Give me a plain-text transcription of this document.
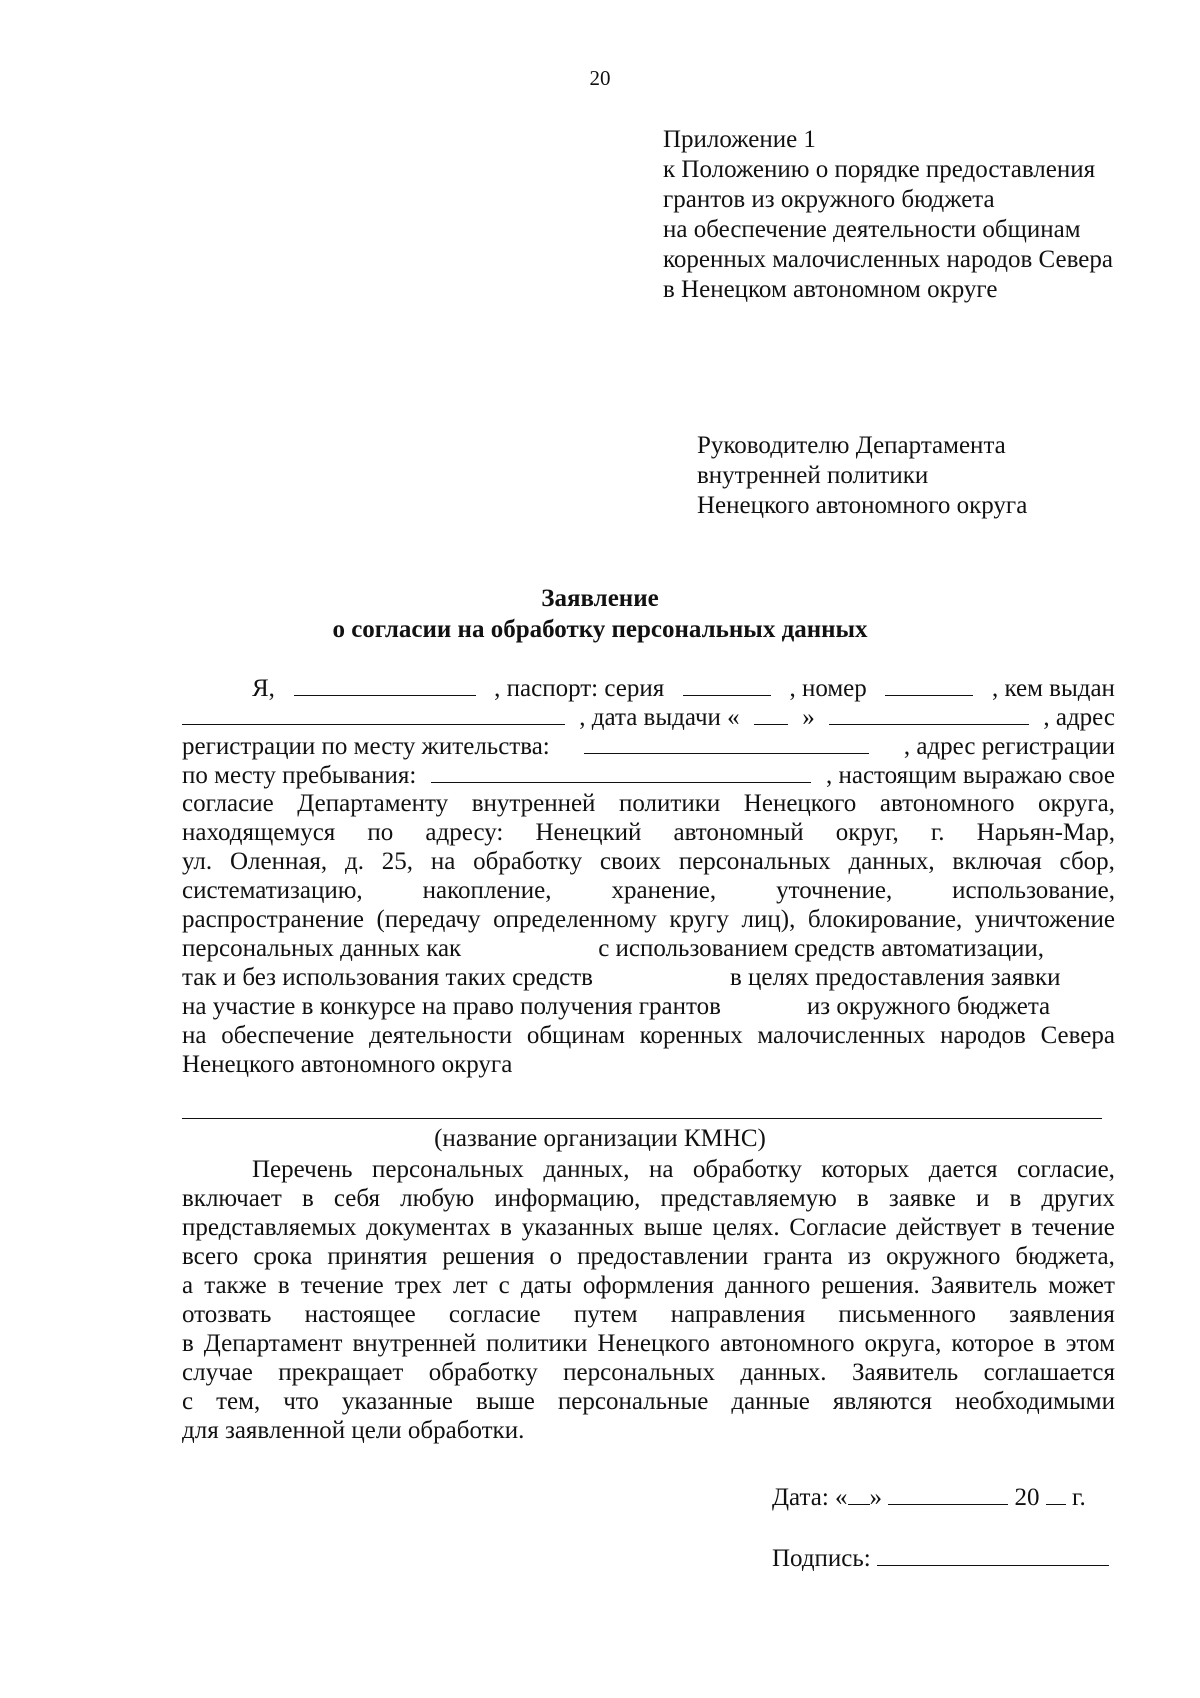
20
Приложение 1
к Положению о порядке предоставления
грантов из окружного бюджета
на обеспечение деятельности общинам
коренных малочисленных народов Севера
в Ненецком автономном округе
Руководителю Департамента
внутренней политики
Ненецкого автономного округа
Заявление
о согласии на обработку персональных данных
Я,	, паспорт: серия	, номер	, кем выдан
, дата выдачи «	»	, адрес
регистрации по месту жительства:	, адрес регистрации
по месту пребывания:	, настоящим выражаю свое
согласие Департаменту внутренней политики Ненецкого автономного округа,
находящемуся по адресу: Ненецкий автономный округ, г. Нарьян-Мар,
ул. Оленная, д. 25, на обработку своих персональных данных, включая сбор,
систематизацию, накопление, хранение, уточнение, использование,
распространение (передачу определенному кругу лиц), блокирование, уничтожение
персональных данных как	с использованием средств автоматизации,
так и без использования таких средств	в целях предоставления заявки
на участие в конкурсе на право получения грантов	из окружного бюджета
на обеспечение деятельности общинам коренных малочисленных народов Севера
Ненецкого автономного округа
(название организации КМНС)
Перечень персональных данных, на обработку которых дается согласие,
включает в себя любую информацию, представляемую в заявке и в других
представляемых документах в указанных выше целях. Согласие действует в течение
всего срока принятия решения о предоставлении гранта из окружного бюджета,
а также в течение трех лет с даты оформления данного решения. Заявитель может
отозвать настоящее согласие путем направления письменного заявления
в Департамент внутренней политики Ненецкого автономного округа, которое в этом
случае прекращает обработку персональных данных. Заявитель соглашается
с тем, что указанные выше персональные данные являются необходимыми
для заявленной цели обработки.
Дата: « »	20 г.
Подпись:
